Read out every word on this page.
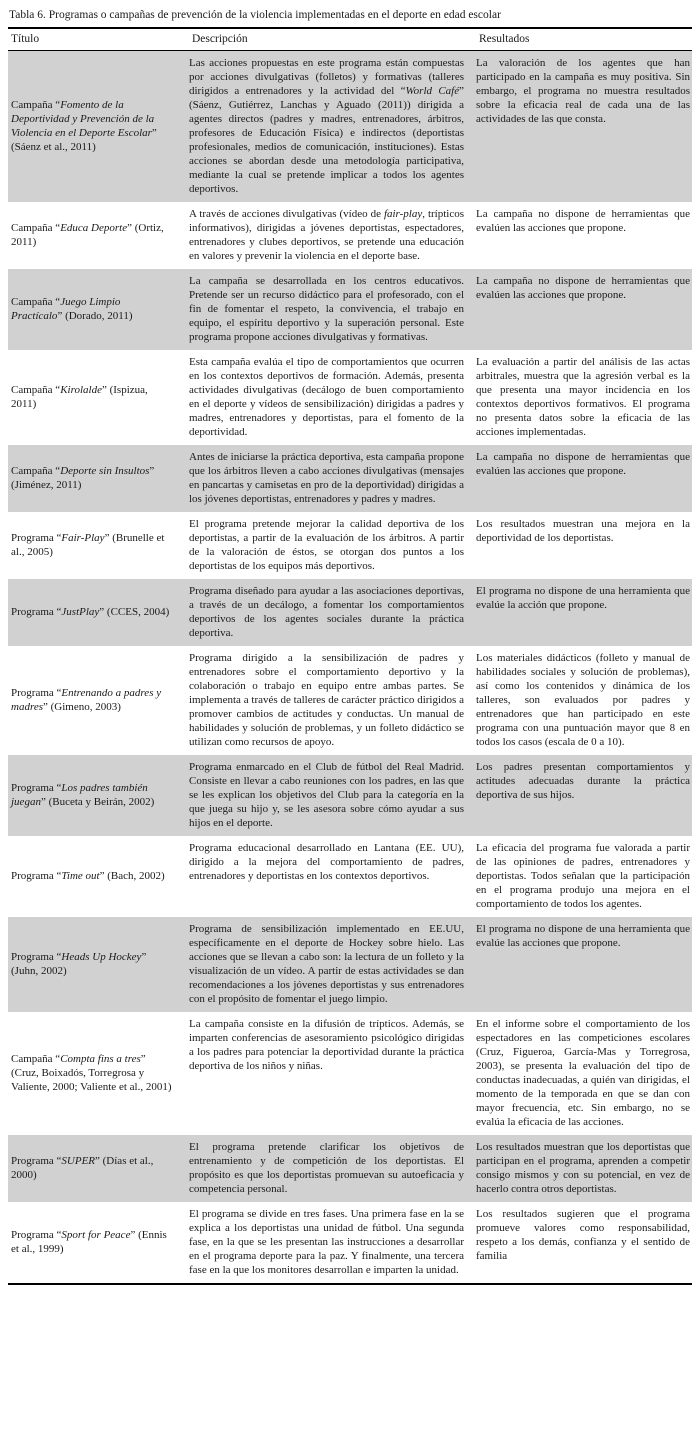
Tabla 6. Programas o campañas de prevención de la violencia implementadas en el deporte en edad escolar
Título	Descripción	Resultados
Campaña “Fomento de la Deportividad y Prevención de la Violencia en el Deporte Escolar” (Sáenz et al., 2011)	Las acciones propuestas en este programa están compuestas por acciones divulgativas (folletos) y formativas (talleres dirigidos a entrenadores y la actividad del “World Café” (Sáenz, Gutiérrez, Lanchas y Aguado (2011)) dirigida a agentes directos (padres y madres, entrenadores, árbitros, profesores de Educación Física) e indirectos (deportistas profesionales, medios de comunicación, instituciones). Estas acciones se abordan desde una metodología participativa, mediante la cual se pretende implicar a todos los agentes deportivos.	La valoración de los agentes que han participado en la campaña es muy positiva. Sin embargo, el programa no muestra resultados sobre la eficacia real de cada una de las actividades de las que consta.
Campaña “Educa Deporte” (Ortiz, 2011)	A través de acciones divulgativas (vídeo de fair-play, trípticos informativos), dirigidas a jóvenes deportistas, espectadores, entrenadores y clubes deportivos, se pretende una educación en valores y prevenir la violencia en el deporte base.	La campaña no dispone de herramientas que evalúen las acciones que propone.
Campaña “Juego Limpio Practícalo” (Dorado, 2011)	La campaña se desarrollada en los centros educativos. Pretende ser un recurso didáctico para el profesorado, con el fin de fomentar el respeto, la convivencia, el trabajo en equipo, el espíritu deportivo y la superación personal. Este programa propone acciones divulgativas y formativas.	La campaña no dispone de herramientas que evalúen las acciones que propone.
Campaña “Kirolalde” (Ispizua, 2011)	Esta campaña evalúa el tipo de comportamientos que ocurren en los contextos deportivos de formación. Además, presenta actividades divulgativas (decálogo de buen comportamiento en el deporte y vídeos de sensibilización) dirigidas a padres y madres, entrenadores y deportistas, para el fomento de la deportividad.	La evaluación a partir del análisis de las actas arbitrales, muestra que la agresión verbal es la que presenta una mayor incidencia en los contextos deportivos formativos. El programa no presenta datos sobre la eficacia de las acciones implementadas.
Campaña “Deporte sin Insultos” (Jiménez, 2011)	Antes de iniciarse la práctica deportiva, esta campaña propone que los árbitros lleven a cabo acciones divulgativas (mensajes en pancartas y camisetas en pro de la deportividad) dirigidas a los jóvenes deportistas, entrenadores y padres y madres.	La campaña no dispone de herramientas que evalúen las acciones que propone.
Programa “Fair-Play” (Brunelle et al., 2005)	El programa pretende mejorar la calidad deportiva de los deportistas, a partir de la evaluación de los árbitros. A partir de la valoración de éstos, se otorgan dos puntos a los deportistas de los equipos más deportivos.	Los resultados muestran una mejora en la deportividad de los deportistas.
Programa “JustPlay” (CCES, 2004)	Programa diseñado para ayudar a las asociaciones deportivas, a través de un decálogo, a fomentar los comportamientos deportivos de los agentes sociales durante la práctica deportiva.	El programa no dispone de una herramienta que evalúe la acción que propone.
Programa “Entrenando a padres y madres” (Gimeno, 2003)	Programa dirigido a la sensibilización de padres y entrenadores sobre el comportamiento deportivo y la colaboración o trabajo en equipo entre ambas partes. Se implementa a través de talleres de carácter práctico dirigidos a promover cambios de actitudes y conductas. Un manual de habilidades y solución de problemas, y un folleto didáctico se utilizan como recursos de apoyo.	Los materiales didácticos (folleto y manual de habilidades sociales y solución de problemas), así como los contenidos y dinámica de los talleres, son evaluados por padres y entrenadores que han participado en este programa con una puntuación mayor que 8 en todos los casos (escala de 0 a 10).
Programa “Los padres también juegan” (Buceta y Beirán, 2002)	Programa enmarcado en el Club de fútbol del Real Madrid. Consiste en llevar a cabo reuniones con los padres, en las que se les explican los objetivos del Club para la categoría en la que juega su hijo y, se les asesora sobre cómo ayudar a sus hijos en el deporte.	Los padres presentan comportamientos y actitudes adecuadas durante la práctica deportiva de sus hijos.
Programa “Time out” (Bach, 2002)	Programa educacional desarrollado en Lantana (EE. UU), dirigido a la mejora del comportamiento de padres, entrenadores y deportistas en los contextos deportivos.	La eficacia del programa fue valorada a partir de las opiniones de padres, entrenadores y deportistas. Todos señalan que la participación en el programa produjo una mejora en el comportamiento de todos los agentes.
Programa “Heads Up Hockey” (Juhn, 2002)	Programa de sensibilización implementado en EE.UU, específicamente en el deporte de Hockey sobre hielo. Las acciones que se llevan a cabo son: la lectura de un folleto y la visualización de un vídeo. A partir de estas actividades se dan recomendaciones a los jóvenes deportistas y sus entrenadores con el propósito de fomentar el juego limpio.	El programa no dispone de una herramienta que evalúe las acciones que propone.
Campaña “Compta fins a tres” (Cruz, Boixadós, Torregrosa y Valiente, 2000; Valiente et al., 2001)	La campaña consiste en la difusión de trípticos. Además, se imparten conferencias de asesoramiento psicológico dirigidas a los padres para potenciar la deportividad durante la práctica deportiva de los niños y niñas.	En el informe sobre el comportamiento de los espectadores en las competiciones escolares (Cruz, Figueroa, García-Mas y Torregrosa, 2003), se presenta la evaluación del tipo de conductas inadecuadas, a quién van dirigidas, el momento de la temporada en que se dan con mayor frecuencia, etc. Sin embargo, no se evalúa la eficacia de las acciones.
Programa “SUPER” (Días et al., 2000)	El programa pretende clarificar los objetivos de entrenamiento y de competición de los deportistas. El propósito es que los deportistas promuevan su autoeficacia y competencia personal.	Los resultados muestran que los deportistas que participan en el programa, aprenden a competir consigo mismos y con su potencial, en vez de hacerlo contra otros deportistas.
Programa “Sport for Peace” (Ennis et al., 1999)	El programa se divide en tres fases. Una primera fase en la se explica a los deportistas una unidad de fútbol. Una segunda fase, en la que se les presentan las instrucciones a desarrollar en el programa deporte para la paz. Y finalmente, una tercera fase en la que los monitores desarrollan e imparten la unidad.	Los resultados sugieren que el programa promueve valores como responsabilidad, respeto a los demás, confianza y el sentido de familia
